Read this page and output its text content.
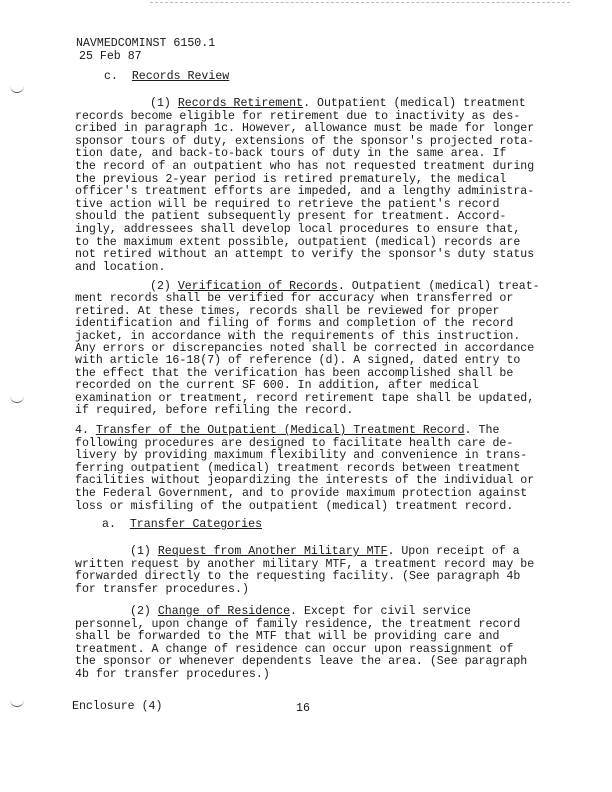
NAVMEDCOMINST 6150.1
25 Feb 87
c. Records Review
(1) Records Retirement. Outpatient (medical) treatment
records become eligible for retirement due to inactivity as des-
cribed in paragraph 1c. However, allowance must be made for longer
sponsor tours of duty, extensions of the sponsor's projected rota-
tion date, and back-to-back tours of duty in the same area. If
the record of an outpatient who has not requested treatment during
the previous 2-year period is retired prematurely, the medical
officer's treatment efforts are impeded, and a lengthy administra-
tive action will be required to retrieve the patient's record
should the patient subsequently present for treatment. Accord-
ingly, addressees shall develop local procedures to ensure that,
to the maximum extent possible, outpatient (medical) records are
not retired without an attempt to verify the sponsor's duty status
and location.
(2) Verification of Records. Outpatient (medical) treat-
ment records shall be verified for accuracy when transferred or
retired. At these times, records shall be reviewed for proper
identification and filing of forms and completion of the record
jacket, in accordance with the requirements of this instruction.
Any errors or discrepancies noted shall be corrected in accordance
with article 16-18(7) of reference (d). A signed, dated entry to
the effect that the verification has been accomplished shall be
recorded on the current SF 600. In addition, after medical
examination or treatment, record retirement tape shall be updated,
if required, before refiling the record.
4. Transfer of the Outpatient (Medical) Treatment Record. The
following procedures are designed to facilitate health care de-
livery by providing maximum flexibility and convenience in trans-
ferring outpatient (medical) treatment records between treatment
facilities without jeopardizing the interests of the individual or
the Federal Government, and to provide maximum protection against
loss or misfiling of the outpatient (medical) treatment record.
a. Transfer Categories
(1) Request from Another Military MTF. Upon receipt of a
written request by another military MTF, a treatment record may be
forwarded directly to the requesting facility. (See paragraph 4b
for transfer procedures.)
(2) Change of Residence. Except for civil service
personnel, upon change of family residence, the treatment record
shall be forwarded to the MTF that will be providing care and
treatment. A change of residence can occur upon reassignment of
the sponsor or whenever dependents leave the area. (See paragraph
4b for transfer procedures.)
Enclosure (4)	16
